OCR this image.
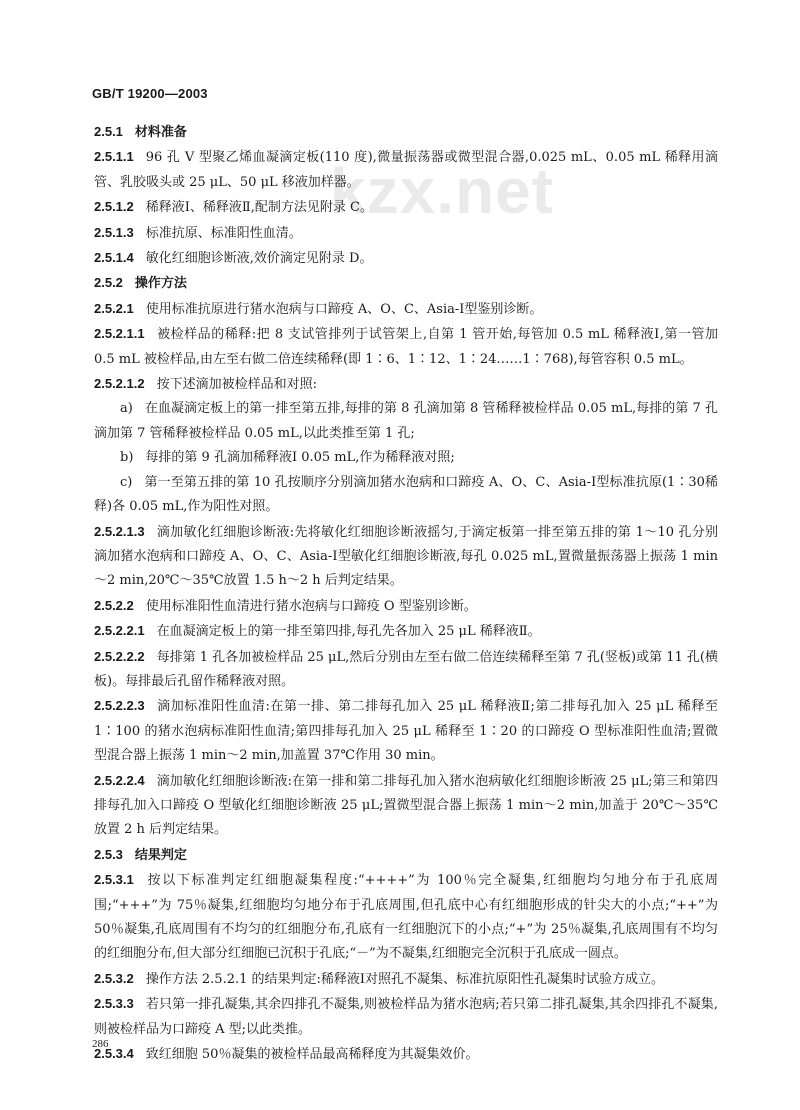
GB/T 19200—2003
kzx.net

2.5.1 材料准备

2.5.1.1 96 孔 V 型聚乙烯血凝滴定板(110 度),微量振荡器或微型混合器,0.025 mL、0.05 mL 稀释用滴管、乳胶吸头或 25 μL、50 μL 移液加样器。

2.5.1.2 稀释液Ⅰ、稀释液Ⅱ,配制方法见附录 C。

2.5.1.3 标准抗原、标准阳性血清。

2.5.1.4 敏化红细胞诊断液,效价滴定见附录 D。

2.5.2 操作方法

2.5.2.1 使用标准抗原进行猪水泡病与口蹄疫 A、O、C、Asia-Ⅰ型鉴别诊断。

2.5.2.1.1 被检样品的稀释:把 8 支试管排列于试管架上,自第 1 管开始,每管加 0.5 mL 稀释液Ⅰ,第一管加 0.5 mL 被检样品,由左至右做二倍连续稀释(即 1∶6、1∶12、1∶24……1∶768),每管容积 0.5 mL。

2.5.2.1.2 按下述滴加被检样品和对照:

a) 在血凝滴定板上的第一排至第五排,每排的第 8 孔滴加第 8 管稀释被检样品 0.05 mL,每排的第 7 孔滴加第 7 管稀释被检样品 0.05 mL,以此类推至第 1 孔;

b) 每排的第 9 孔滴加稀释液Ⅰ 0.05 mL,作为稀释液对照;

c) 第一至第五排的第 10 孔按顺序分别滴加猪水泡病和口蹄疫 A、O、C、Asia-Ⅰ型标准抗原(1∶30稀释)各 0.05 mL,作为阳性对照。

2.5.2.1.3 滴加敏化红细胞诊断液:先将敏化红细胞诊断液摇匀,于滴定板第一排至第五排的第 1～10 孔分别滴加猪水泡病和口蹄疫 A、O、C、Asia-Ⅰ型敏化红细胞诊断液,每孔 0.025 mL,置微量振荡器上振荡 1 min～2 min,20℃～35℃放置 1.5 h～2 h 后判定结果。

2.5.2.2 使用标准阳性血清进行猪水泡病与口蹄疫 O 型鉴别诊断。

2.5.2.2.1 在血凝滴定板上的第一排至第四排,每孔先各加入 25 μL 稀释液Ⅱ。

2.5.2.2.2 每排第 1 孔各加被检样品 25 μL,然后分别由左至右做二倍连续稀释至第 7 孔(竖板)或第 11 孔(横板)。每排最后孔留作稀释液对照。

2.5.2.2.3 滴加标准阳性血清:在第一排、第二排每孔加入 25 μL 稀释液Ⅱ;第二排每孔加入 25 μL 稀释至 1∶100 的猪水泡病标准阳性血清;第四排每孔加入 25 μL 稀释至 1∶20 的口蹄疫 O 型标准阳性血清;置微型混合器上振荡 1 min～2 min,加盖置 37℃作用 30 min。

2.5.2.2.4 滴加敏化红细胞诊断液:在第一排和第二排每孔加入猪水泡病敏化红细胞诊断液 25 μL;第三和第四排每孔加入口蹄疫 O 型敏化红细胞诊断液 25 μL;置微型混合器上振荡 1 min～2 min,加盖于 20℃～35℃放置 2 h 后判定结果。

2.5.3 结果判定

2.5.3.1 按以下标准判定红细胞凝集程度:“++++”为 100％完全凝集,红细胞均匀地分布于孔底周围;“+++”为 75％凝集,红细胞均匀地分布于孔底周围,但孔底中心有红细胞形成的针尖大的小点;“++”为 50％凝集,孔底周围有不均匀的红细胞分布,孔底有一红细胞沉下的小点;“+”为 25％凝集,孔底周围有不均匀的红细胞分布,但大部分红细胞已沉积于孔底;“－”为不凝集,红细胞完全沉积于孔底成一圆点。

2.5.3.2 操作方法 2.5.2.1 的结果判定:稀释液Ⅰ对照孔不凝集、标准抗原阳性孔凝集时试验方成立。

2.5.3.3 若只第一排孔凝集,其余四排孔不凝集,则被检样品为猪水泡病;若只第二排孔凝集,其余四排孔不凝集,则被检样品为口蹄疫 A 型;以此类推。

2.5.3.4 致红细胞 50％凝集的被检样品最高稀释度为其凝集效价。

286
